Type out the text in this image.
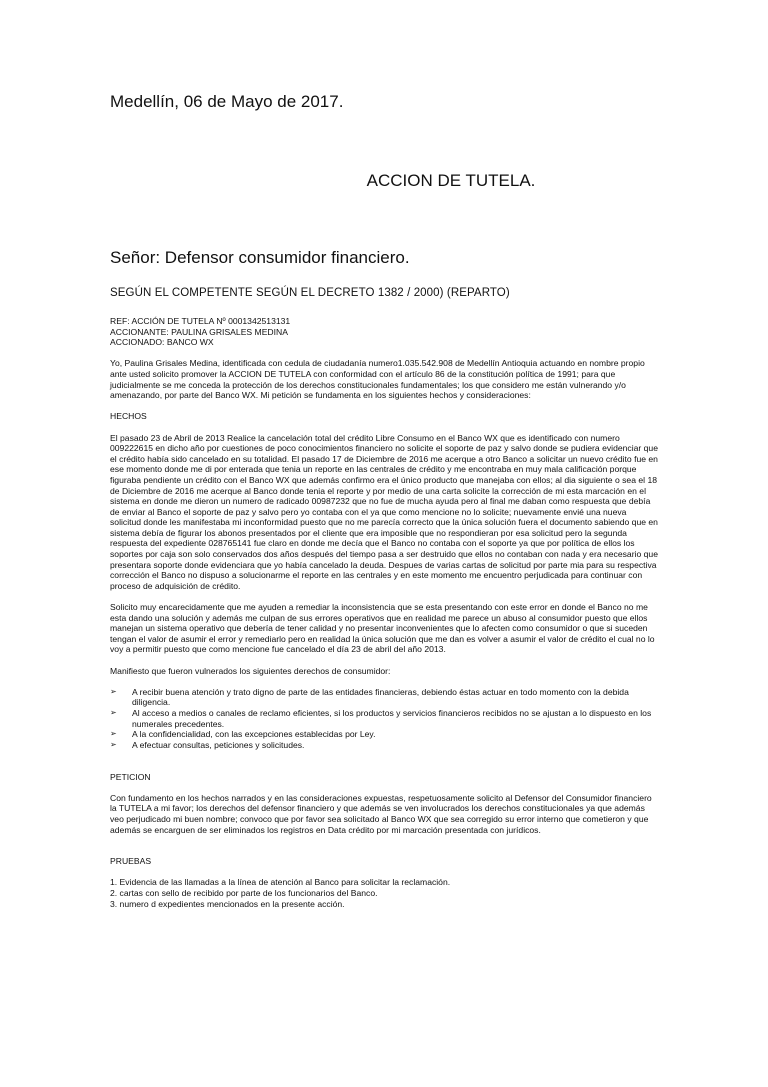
Medellín, 06 de Mayo de 2017.
ACCION DE TUTELA.
Señor: Defensor consumidor financiero.
SEGÚN EL COMPETENTE SEGÚN EL DECRETO 1382 / 2000) (REPARTO)
REF: ACCIÓN DE TUTELA Nº 0001342513131
ACCIONANTE: PAULINA GRISALES MEDINA
ACCIONADO: BANCO WX

Yo, Paulina Grisales Medina, identificada con cedula de ciudadanía numero1.035.542.908 de Medellín Antioquia actuando en nombre propio ante usted solicito promover la ACCION DE TUTELA con conformidad con el artículo 86 de la constitución política de 1991; para que judicialmente se me conceda la protección de los derechos constitucionales fundamentales; los que considero me están vulnerando y/o amenazando, por parte del Banco WX. Mi petición se fundamenta en los siguientes hechos y consideraciones:

HECHOS

El pasado 23 de Abril de 2013 Realice la cancelación total del crédito Libre Consumo en el Banco WX que es identificado con numero 009222615 en dicho año por cuestiones de poco conocimientos financiero no solicite el soporte de paz y salvo donde se pudiera evidenciar que el crédito había sido cancelado en su totalidad. El pasado 17 de Diciembre de 2016 me acerque a otro Banco a solicitar un nuevo crédito fue en ese momento donde me di por enterada que tenia un reporte en las centrales de crédito y me encontraba en muy mala calificación porque figuraba pendiente un crédito con el Banco WX que además confirmo era el único producto que manejaba con ellos; al dia siguiente o sea el 18 de Diciembre de 2016 me acerque al Banco donde tenia el reporte y por medio de una carta solicite la corrección de mi esta marcación en el sistema en donde me dieron un numero de radicado 00987232 que no fue de mucha ayuda pero al final me daban como respuesta que debía de enviar al Banco el soporte de paz y salvo pero yo contaba con el ya que como mencione no lo solicite; nuevamente envié una nueva solicitud donde les manifestaba mi inconformidad puesto que no me parecía correcto que la única solución fuera el documento sabiendo que en sistema debía de figurar los abonos presentados por el cliente que era imposible que no respondieran por esa solicitud pero la segunda respuesta del expediente 028765141 fue claro en donde me decía que el Banco no contaba con el soporte ya que por política de ellos los soportes por caja son solo conservados dos años después del tiempo pasa a ser destruido que ellos no contaban con nada y era necesario que presentara soporte donde evidenciara que yo había cancelado la deuda. Despues de varias cartas de solicitud por parte mia para su respectiva corrección el Banco no dispuso a solucionarme el reporte en las centrales y en este momento me encuentro perjudicada para continuar con proceso de adquisición de crédito.

Solicito muy encarecidamente que me ayuden a remediar la inconsistencia que se esta presentando con este error en donde el Banco no me esta dando una solución y además me culpan de sus errores operativos que en realidad me parece un abuso al consumidor puesto que ellos manejan un sistema operativo que debería de tener calidad y no presentar inconvenientes que lo afecten como consumidor o que si suceden tengan el valor de asumir el error y remediarlo pero en realidad la única solución que me dan es volver a asumir el valor de crédito el cual no lo voy a permitir puesto que como mencione fue cancelado el día 23 de abril del año 2013.

Manifiesto que fueron vulnerados los siguientes derechos de consumidor:

➢ A recibir buena atención y trato digno de parte de las entidades financieras, debiendo éstas actuar en todo momento con la debida diligencia.
➢ Al acceso a medios o canales de reclamo eficientes, si los productos y servicios financieros recibidos no se ajustan a lo dispuesto en los numerales precedentes.
➢ A la confidencialidad, con las excepciones establecidas por Ley.
➢ A efectuar consultas, peticiones y solicitudes.

PETICION

Con fundamento en los hechos narrados y en las consideraciones expuestas, respetuosamente solicito al Defensor del Consumidor financiero la TUTELA a mi favor; los derechos del defensor financiero y que además se ven involucrados los derechos constitucionales ya que además veo perjudicado mi buen nombre; convoco que por favor sea solicitado al Banco WX que sea corregido su error interno que cometieron y que además se encarguen de ser eliminados los registros en Data crédito por mi marcación presentada con jurídicos.

PRUEBAS

1. Evidencia de las llamadas a la línea de atención al Banco para solicitar la reclamación.
2. cartas con sello de recibido por parte de los funcionarios del Banco.
3. numero d expedientes mencionados en la presente acción.
